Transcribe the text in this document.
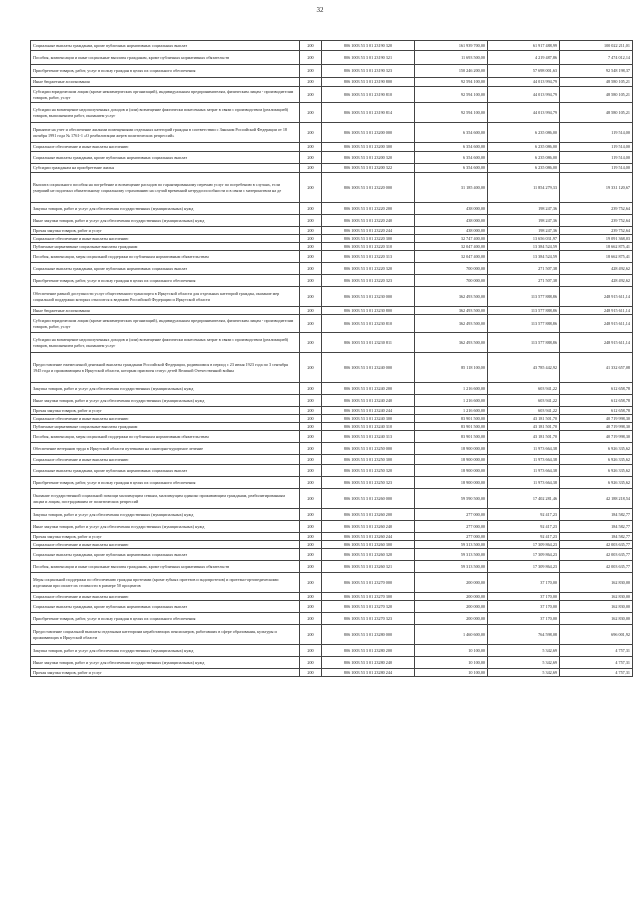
32
Социальные выплаты гражданам, кроме публичных нормативных социальных выплат	200	806 1003 53 3 01 23190 320	161 939 700,00	61 917 488,99	100 022 211,01
Пособия, компенсации и иные социальные выплаты гражданам, кроме публичных нормативных обязательств	200	806 1003 53 3 01 23190 321	11 693 500,00	4 219 487,86	7 474 012,14
Приобретение товаров, работ, услуг в пользу граждан в целях их социального обеспечения	200	806 1003 53 3 01 23190 323	150 246 200,00	57 698 001,63	92 548 198,37
Иные бюджетные ассигнования	200	806 1003 53 3 01 23190 800	92 594 100,00	44 013 994,79	48 580 105,21
Субсидии юридическим лицам (кроме некоммерческих организаций), индивидуальным предпринимателям, физическим лицам - производителям товаров, работ, услуг	200	806 1003 53 3 01 23190 810	92 594 100,00	44 013 994,79	48 580 105,21
Субсидии на возмещение недополученных доходов и (или) возмещение фактически понесенных затрат в связи с производством (реализацией) товаров, выполнением работ, оказанием услуг	200	806 1003 53 3 01 23190 814	92 594 100,00	44 013 994,79	48 580 105,21
Принятие на учет и обеспечение жилыми помещениями отдельных категорий граждан в соответствии с Законом Российской Федерации от 18 октября 1991 года № 1761-1 «О реабилитации жертв политических репрессий»	200	806 1003 53 3 01 23200 000	6 354 600,00	6 235 086,00	119 514,00
Социальное обеспечение и иные выплаты населению	200	806 1003 53 3 01 23200 300	6 354 600,00	6 235 086,00	119 514,00
Социальные выплаты гражданам, кроме публичных нормативных социальных выплат	200	806 1003 53 3 01 23200 320	6 354 600,00	6 235 086,00	119 514,00
Субсидии гражданам на приобретение жилья	200	806 1003 53 3 01 23200 322	6 354 600,00	6 235 086,00	119 514,00
Выплата социального пособия на погребение и возмещение расходов по гарантированному перечню услуг по погребению в случаях, если умерший не подлежал обязательному социальному страхованию на случай временной нетрудоспособности и в связи с материнством на де	200	806 1003 53 3 01 23220 000	31 185 400,00	11 854 279,33	19 331 120,67
Закупка товаров, работ и услуг для обеспечения государственных (муниципальных) нужд	200	806 1003 53 3 01 23220 200	438 000,00	198 247,36	239 752,64
Иные закупки товаров, работ и услуг для обеспечения государственных (муниципальных) нужд	200	806 1003 53 3 01 23220 240	438 000,00	198 247,36	239 752,64
Прочая закупка товаров, работ и услуг	200	806 1003 53 3 01 23220 244	438 000,00	198 247,36	239 752,64
Социальное обеспечение и иные выплаты населению	200	806 1003 53 3 01 23220 300	32 747 400,00	13 656 031,97	19 091 368,03
Публичные нормативные социальные выплаты гражданам	200	806 1003 53 3 01 23220 310	32 047 400,00	13 384 524,59	18 662 875,41
Пособия, компенсации, меры социальной поддержки по публичным нормативным обязательствам	200	806 1003 53 3 01 23220 313	32 047 400,00	13 384 524,59	18 662 875,41
Социальные выплаты гражданам, кроме публичных нормативных социальных выплат	200	806 1003 53 3 01 23220 320	700 000,00	271 507,38	428 492,62
Приобретение товаров, работ, услуг в пользу граждан в целях их социального обеспечения	200	806 1003 53 3 01 23220 323	700 000,00	271 507,38	428 492,62
Обеспечение равной доступности услуг общественного транспорта в Иркутской области для отдельных категорий граждан, оказание мер социальной поддержки которых относится к ведению Российской Федерации и Иркутской области	200	806 1003 53 3 01 23230 000	362 493 500,00	113 577 888,86	248 915 611,14
Иные бюджетные ассигнования	200	806 1003 53 3 01 23230 800	362 493 500,00	113 577 888,86	248 915 611,14
Субсидии юридическим лицам (кроме некоммерческих организаций), индивидуальным предпринимателям, физическим лицам - производителям товаров, работ, услуг	200	806 1003 53 3 01 23230 810	362 493 500,00	113 577 888,86	248 915 611,14
Субсидии на возмещение недополученных доходов и (или) возмещение фактически понесенных затрат в связи с производством (реализацией) товаров, выполнением работ, оказанием услуг	200	806 1003 53 3 01 23230 811	362 493 500,00	113 577 888,86	248 915 611,14
Предоставление ежемесячной денежной выплаты гражданам Российской Федерации, родившимся в период с 23 июня 1923 года по 3 сентября 1945 года и проживающим в Иркутской области, которым присвоен статус детей Великой Отечественной войны	200	806 1003 53 3 01 23240 000	85 118 100,00	43 785 442,92	41 332 657,08
Закупка товаров, работ и услуг для обеспечения государственных (муниципальных) нужд	200	806 1003 53 3 01 23240 200	1 216 600,00	603 941,22	612 658,78
Иные закупки товаров, работ и услуг для обеспечения государственных (муниципальных) нужд	200	806 1003 53 3 01 23240 240	1 216 600,00	603 941,22	612 658,78
Прочая закупка товаров, работ и услуг	200	806 1003 53 3 01 23240 244	1 216 600,00	603 941,22	612 658,78
Социальное обеспечение и иные выплаты населению	200	806 1003 53 3 01 23240 300	83 901 500,00	43 181 501,70	40 719 998,30
Публичные нормативные социальные выплаты гражданам	200	806 1003 53 3 01 23240 310	83 901 500,00	43 181 501,70	40 719 998,30
Пособия, компенсации, меры социальной поддержки по публичным нормативным обязательствам	200	806 1003 53 3 01 23240 313	83 901 500,00	43 181 501,70	40 719 998,30
Обеспечение ветеранов труда в Иркутской области путевками на санаторно-курортное лечение	200	806 1003 53 3 01 23250 000	18 900 000,00	11 973 664,38	6 926 335,62
Социальное обеспечение и иные выплаты населению	200	806 1003 53 3 01 23250 300	18 900 000,00	11 973 664,38	6 926 335,62
Социальные выплаты гражданам, кроме публичных нормативных социальных выплат	200	806 1003 53 3 01 23250 320	18 900 000,00	11 973 664,38	6 926 335,62
Приобретение товаров, работ, услуг в пользу граждан в целях их социального обеспечения	200	806 1003 53 3 01 23250 323	18 900 000,00	11 973 664,38	6 926 335,62
Оказание государственной социальной помощи малоимущим семьям, малоимущим одиноко проживающим гражданам, реабилитированным лицам и лицам, пострадавшим от политических репрессий	200	806 1003 53 3 01 23260 000	59 590 500,00	17 402 281,46	42 188 218,54
Закупка товаров, работ и услуг для обеспечения государственных (муниципальных) нужд	200	806 1003 53 3 01 23260 200	277 000,00	92 417,23	184 582,77
Иные закупки товаров, работ и услуг для обеспечения государственных (муниципальных) нужд	200	806 1003 53 3 01 23260 240	277 000,00	92 417,23	184 582,77
Прочая закупка товаров, работ и услуг	200	806 1003 53 3 01 23260 244	277 000,00	92 417,23	184 582,77
Социальное обеспечение и иные выплаты населению	200	806 1003 53 3 01 23260 300	59 313 500,00	17 309 864,23	42 003 635,77
Социальные выплаты гражданам, кроме публичных нормативных социальных выплат	200	806 1003 53 3 01 23260 320	59 313 500,00	17 309 864,23	42 003 635,77
Пособия, компенсации и иные социальные выплаты гражданам, кроме публичных нормативных обязательств	200	806 1003 53 3 01 23260 321	59 313 500,00	17 309 864,23	42 003 635,77
Меры социальной поддержки по обеспечению граждан протезами (кроме зубных протезов и эндопротезов) и протезно-ортопедическими изделиями при оплате их стоимости в размере 50 процентов	200	806 1003 53 3 01 23270 000	200 000,00	37 170,00	162 830,00
Социальное обеспечение и иные выплаты населению	200	806 1003 53 3 01 23270 300	200 000,00	37 170,00	162 830,00
Социальные выплаты гражданам, кроме публичных нормативных социальных выплат	200	806 1003 53 3 01 23270 320	200 000,00	37 170,00	162 830,00
Приобретение товаров, работ, услуг в пользу граждан в целях их социального обеспечения	200	806 1003 53 3 01 23270 323	200 000,00	37 170,00	162 830,00
Предоставление социальной выплаты отдельным категориям неработающих пенсионеров, работавших в сфере образования, культуры и проживающих в Иркутской области	200	806 1003 53 3 01 23280 000	1 460 600,00	764 598,08	696 001,92
Закупка товаров, работ и услуг для обеспечения государственных (муниципальных) нужд	200	806 1003 53 3 01 23280 200	10 100,00	5 342,69	4 757,31
Иные закупки товаров, работ и услуг для обеспечения государственных (муниципальных) нужд	200	806 1003 53 3 01 23280 240	10 100,00	5 342,69	4 757,31
Прочая закупка товаров, работ и услуг	200	806 1003 53 3 01 23280 244	10 100,00	5 342,69	4 757,31
